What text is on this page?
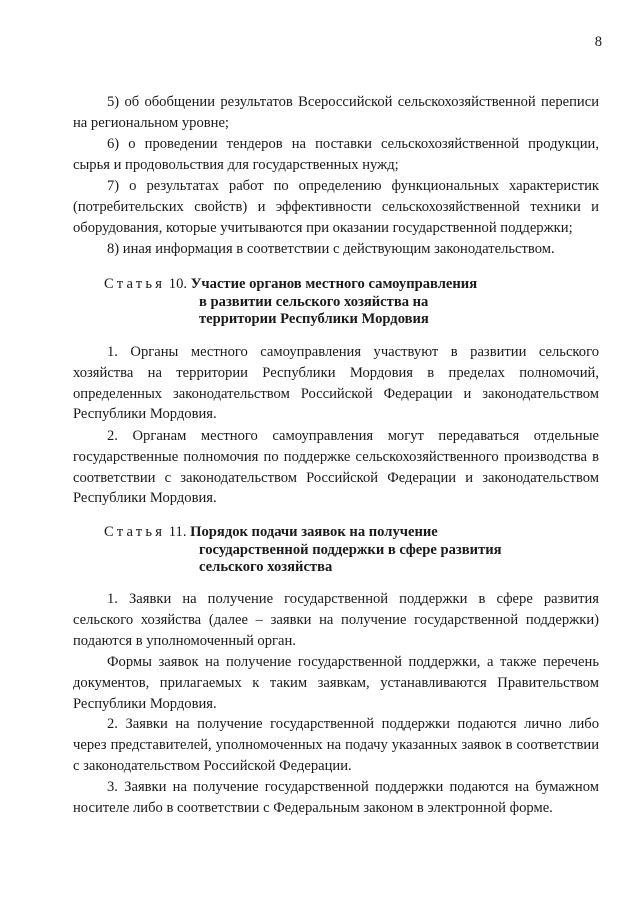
8

5) об обобщении результатов Всероссийской сельскохозяйственной переписи на региональном уровне;

6) о проведении тендеров на поставки сельскохозяйственной продукции, сырья и продовольствия для государственных нужд;

7) о результатах работ по определению функциональных характеристик (потребительских свойств) и эффективности сельскохозяйственной техники и оборудования, которые учитываются при оказании государственной поддержки;

8) иная информация в соответствии с действующим законодательством.

Статья 10. Участие органов местного самоуправления
в развитии сельского хозяйства на
территории Республики Мордовия

1. Органы местного самоуправления участвуют в развитии сельского хозяйства на территории Республики Мордовия в пределах полномочий, определенных законодательством Российской Федерации и законодательством Республики Мордовия.

2. Органам местного самоуправления могут передаваться отдельные государственные полномочия по поддержке сельскохозяйственного производства в соответствии с законодательством Российской Федерации и законодательством Республики Мордовия.

Статья 11. Порядок подачи заявок на получение
государственной поддержки в сфере развития
сельского хозяйства

1. Заявки на получение государственной поддержки в сфере развития сельского хозяйства (далее – заявки на получение государственной поддержки) подаются в уполномоченный орган.

Формы заявок на получение государственной поддержки, а также перечень документов, прилагаемых к таким заявкам, устанавливаются Правительством Республики Мордовия.

2. Заявки на получение государственной поддержки подаются лично либо через представителей, уполномоченных на подачу указанных заявок в соответствии с законодательством Российской Федерации.

3. Заявки на получение государственной поддержки подаются на бумажном носителе либо в соответствии с Федеральным законом в электронной форме.
